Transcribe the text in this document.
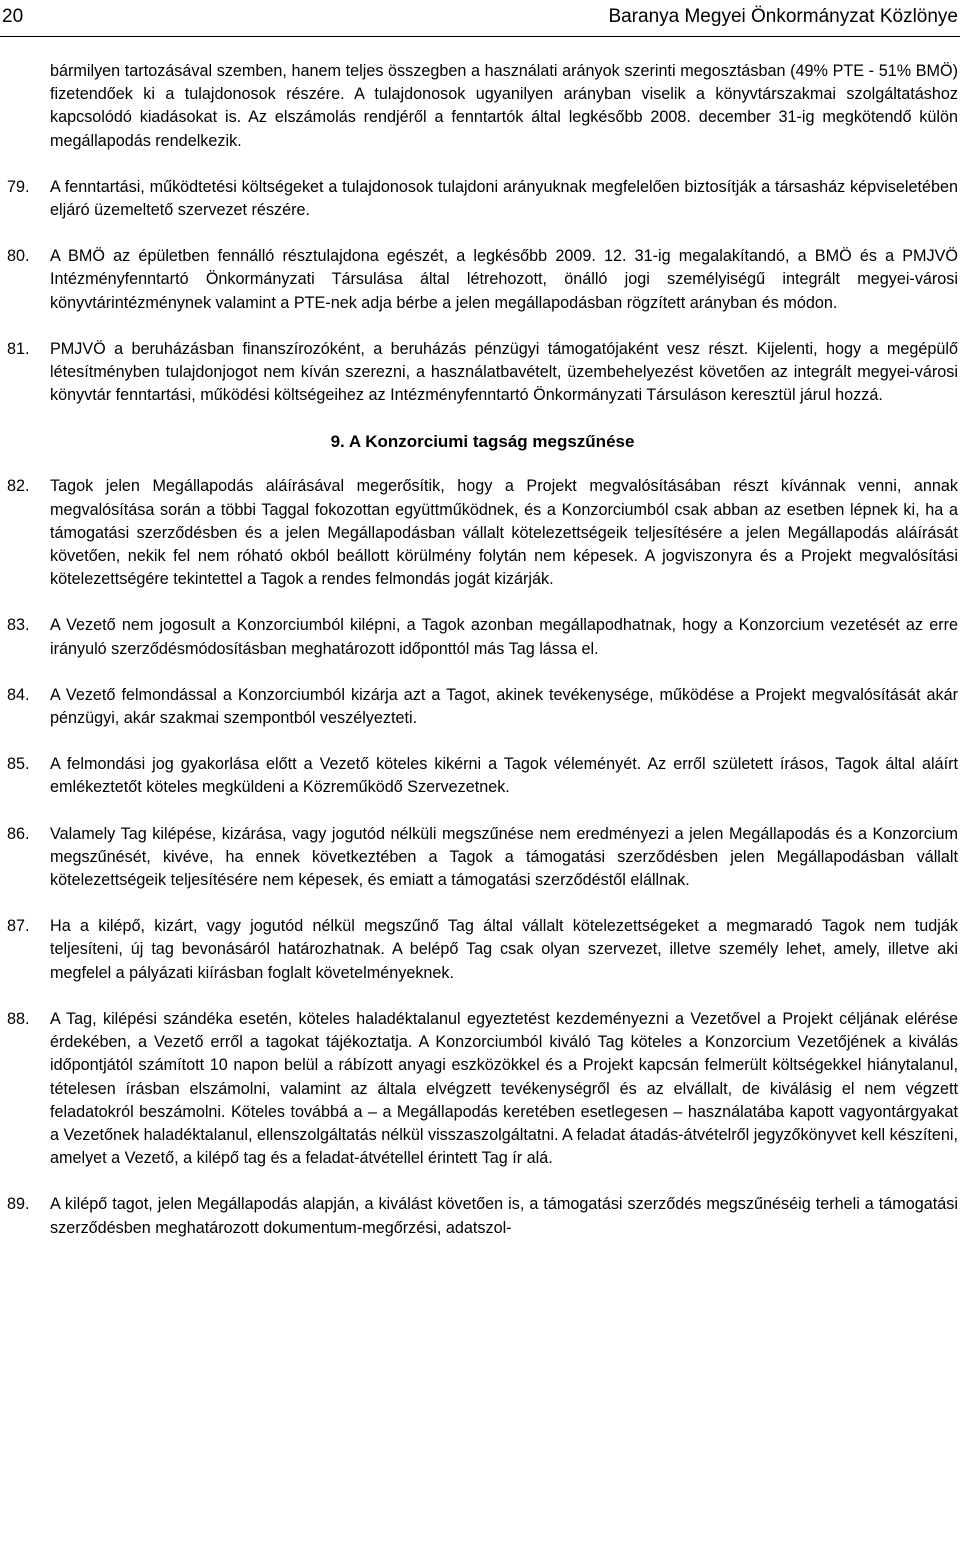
20	Baranya Megyei Önkormányzat Közlönye
bármilyen tartozásával szemben, hanem teljes összegben a használati arányok szerinti megosztásban (49% PTE - 51% BMÖ) fizetendőek ki a tulajdonosok részére. A tulajdonosok ugyanilyen arányban viselik a könyvtárszakmai szolgáltatáshoz kapcsolódó kiadásokat is. Az elszámolás rendjéről a fenntartók által legkésőbb 2008. december 31-ig megkötendő külön megállapodás rendelkezik.
79.	A fenntartási, működtetési költségeket a tulajdonosok tulajdoni arányuknak megfelelően biztosítják a társasház képviseletében eljáró üzemeltető szervezet részére.
80.	A BMÖ az épületben fennálló résztulajdona egészét, a legkésőbb 2009. 12. 31-ig megalakítandó, a BMÖ és a PMJVÖ Intézményfenntartó Önkormányzati Társulása által létrehozott, önálló jogi személyiségű integrált megyei-városi könyvtárintézménynek valamint a PTE-nek adja bérbe a jelen megállapodásban rögzített arányban és módon.
81.	PMJVÖ a beruházásban finanszírozóként, a beruházás pénzügyi támogatójaként vesz részt. Kijelenti, hogy a megépülő létesítményben tulajdonjogot nem kíván szerezni, a használatbavételt, üzembehelyezést követően az integrált megyei-városi könyvtár fenntartási, működési költségeihez az Intézményfenntartó Önkormányzati Társuláson keresztül járul hozzá.
9. A Konzorciumi tagság megszűnése
82.	Tagok jelen Megállapodás aláírásával megerősítik, hogy a Projekt megvalósításában részt kívánnak venni, annak megvalósítása során a többi Taggal fokozottan együttműködnek, és a Konzorciumból csak abban az esetben lépnek ki, ha a támogatási szerződésben és a jelen Megállapodásban vállalt kötelezettségeik teljesítésére a jelen Megállapodás aláírását követően, nekik fel nem róható okból beállott körülmény folytán nem képesek. A jogviszonyra és a Projekt megvalósítási kötelezettségére tekintettel a Tagok a rendes felmondás jogát kizárják.
83.	A Vezető nem jogosult a Konzorciumból kilépni, a Tagok azonban megállapodhatnak, hogy a Konzorcium vezetését az erre irányuló szerződésmódosításban meghatározott időponttól más Tag lássa el.
84.	A Vezető felmondással a Konzorciumból kizárja azt a Tagot, akinek tevékenysége, működése a Projekt megvalósítását akár pénzügyi, akár szakmai szempontból veszélyezteti.
85.	A felmondási jog gyakorlása előtt a Vezető köteles kikérni a Tagok véleményét. Az erről született írásos, Tagok által aláírt emlékeztetőt köteles megküldeni a Közreműködő Szervezetnek.
86.	Valamely Tag kilépése, kizárása, vagy jogutód nélküli megszűnése nem eredményezi a jelen Megállapodás és a Konzorcium megszűnését, kivéve, ha ennek következtében a Tagok a támogatási szerződésben jelen Megállapodásban vállalt kötelezettségeik teljesítésére nem képesek, és emiatt a támogatási szerződéstől elállnak.
87.	Ha a kilépő, kizárt, vagy jogutód nélkül megszűnő Tag által vállalt kötelezettségeket a megmaradó Tagok nem tudják teljesíteni, új tag bevonásáról határozhatnak. A belépő Tag csak olyan szervezet, illetve személy lehet, amely, illetve aki megfelel a pályázati kiírásban foglalt követelményeknek.
88.	A Tag, kilépési szándéka esetén, köteles haladéktalanul egyeztetést kezdeményezni a Vezetővel a Projekt céljának elérése érdekében, a Vezető erről a tagokat tájékoztatja. A Konzorciumból kiváló Tag köteles a Konzorcium Vezetőjének a kiválás időpontjától számított 10 napon belül a rábízott anyagi eszközökkel és a Projekt kapcsán felmerült költségekkel hiánytalanul, tételesen írásban elszámolni, valamint az általa elvégzett tevékenységről és az elvállalt, de kiválásig el nem végzett feladatokról beszámolni. Köteles továbbá a – a Megállapodás keretében esetlegesen – használatába kapott vagyontárgyakat a Vezetőnek haladéktalanul, ellenszolgáltatás nélkül visszaszolgáltatni. A feladat átadás-átvételről jegyzőkönyvet kell készíteni, amelyet a Vezető, a kilépő tag és a feladat-átvétellel érintett Tag ír alá.
89.	A kilépő tagot, jelen Megállapodás alapján, a kiválást követően is, a támogatási szerződés megszűnéséig terheli a támogatási szerződésben meghatározott dokumentum-megőrzési, adatszol-
